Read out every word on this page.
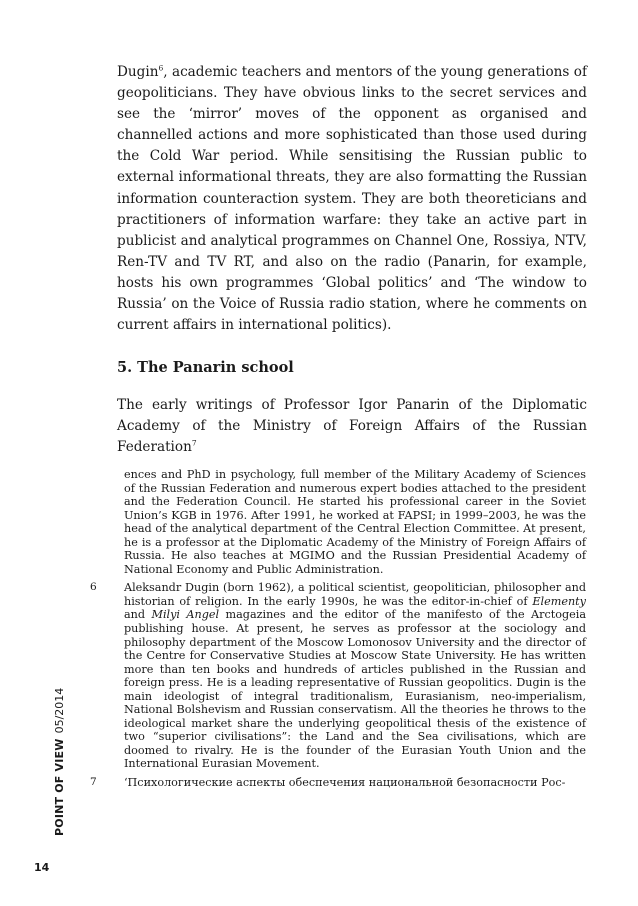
POINT OF VIEW05/2014
14

Dugin$^6$, academic teachers and mentors of the young generations of geopoliticians. They have obvious links to the secret services and see the ‘mirror’ moves of the opponent as organised and channelled actions and more sophisticated than those used during the Cold War period. While sensitising the Russian public to external informational threats, they are also formatting the Russian information counteraction system. They are both theoreticians and practitioners of information warfare: they take an active part in publicist and analytical programmes on Channel One, Rossiya, NTV, Ren-TV and TV RT, and also on the radio (Panarin, for example, hosts his own programmes ‘Global politics’ and ‘The window to Russia’ on the Voice of Russia radio station, where he comments on current affairs in international politics).

5. The Panarin school

The early writings of Professor Igor Panarin of the Diplomatic Academy of the Ministry of Foreign Affairs of the Russian Federation$^7$

ences and PhD in psychology, full member of the Military Academy of Sciences of the Russian Federation and numerous expert bodies attached to the president and the Federation Council. He started his professional career in the Soviet Union’s KGB in 1976. After 1991, he worked at FAPSI; in 1999–2003, he was the head of the analytical department of the Central Election Committee. At present, he is a professor at the Diplomatic Academy of the Ministry of Foreign Affairs of Russia. He also teaches at MGIMO and the Russian Presidential Academy of National Economy and Public Administration.

6 Aleksandr Dugin (born 1962), a political scientist, geopolitician, philosopher and historian of religion. In the early 1990s, he was the editor-in-chief of Elementy and Milyi Angel magazines and the editor of the manifesto of the Arctogeia publishing house. At present, he serves as professor at the sociology and philosophy department of the Moscow Lomonosov University and the director of the Centre for Conservative Studies at Moscow State University. He has written more than ten books and hundreds of articles published in the Russian and foreign press. He is a leading representative of Russian geopolitics. Dugin is the main ideologist of integral traditionalism, Eurasianism, neo-imperialism, National Bolshevism and Russian conservatism. All the theories he throws to the ideological market share the underlying geopolitical thesis of the existence of two “superior civilisations”: the Land and the Sea civilisations, which are doomed to rivalry. He is the founder of the Eurasian Youth Union and the International Eurasian Movement.

7 ‘Психологические аспекты обеспечения национальной безопасности Рос-
